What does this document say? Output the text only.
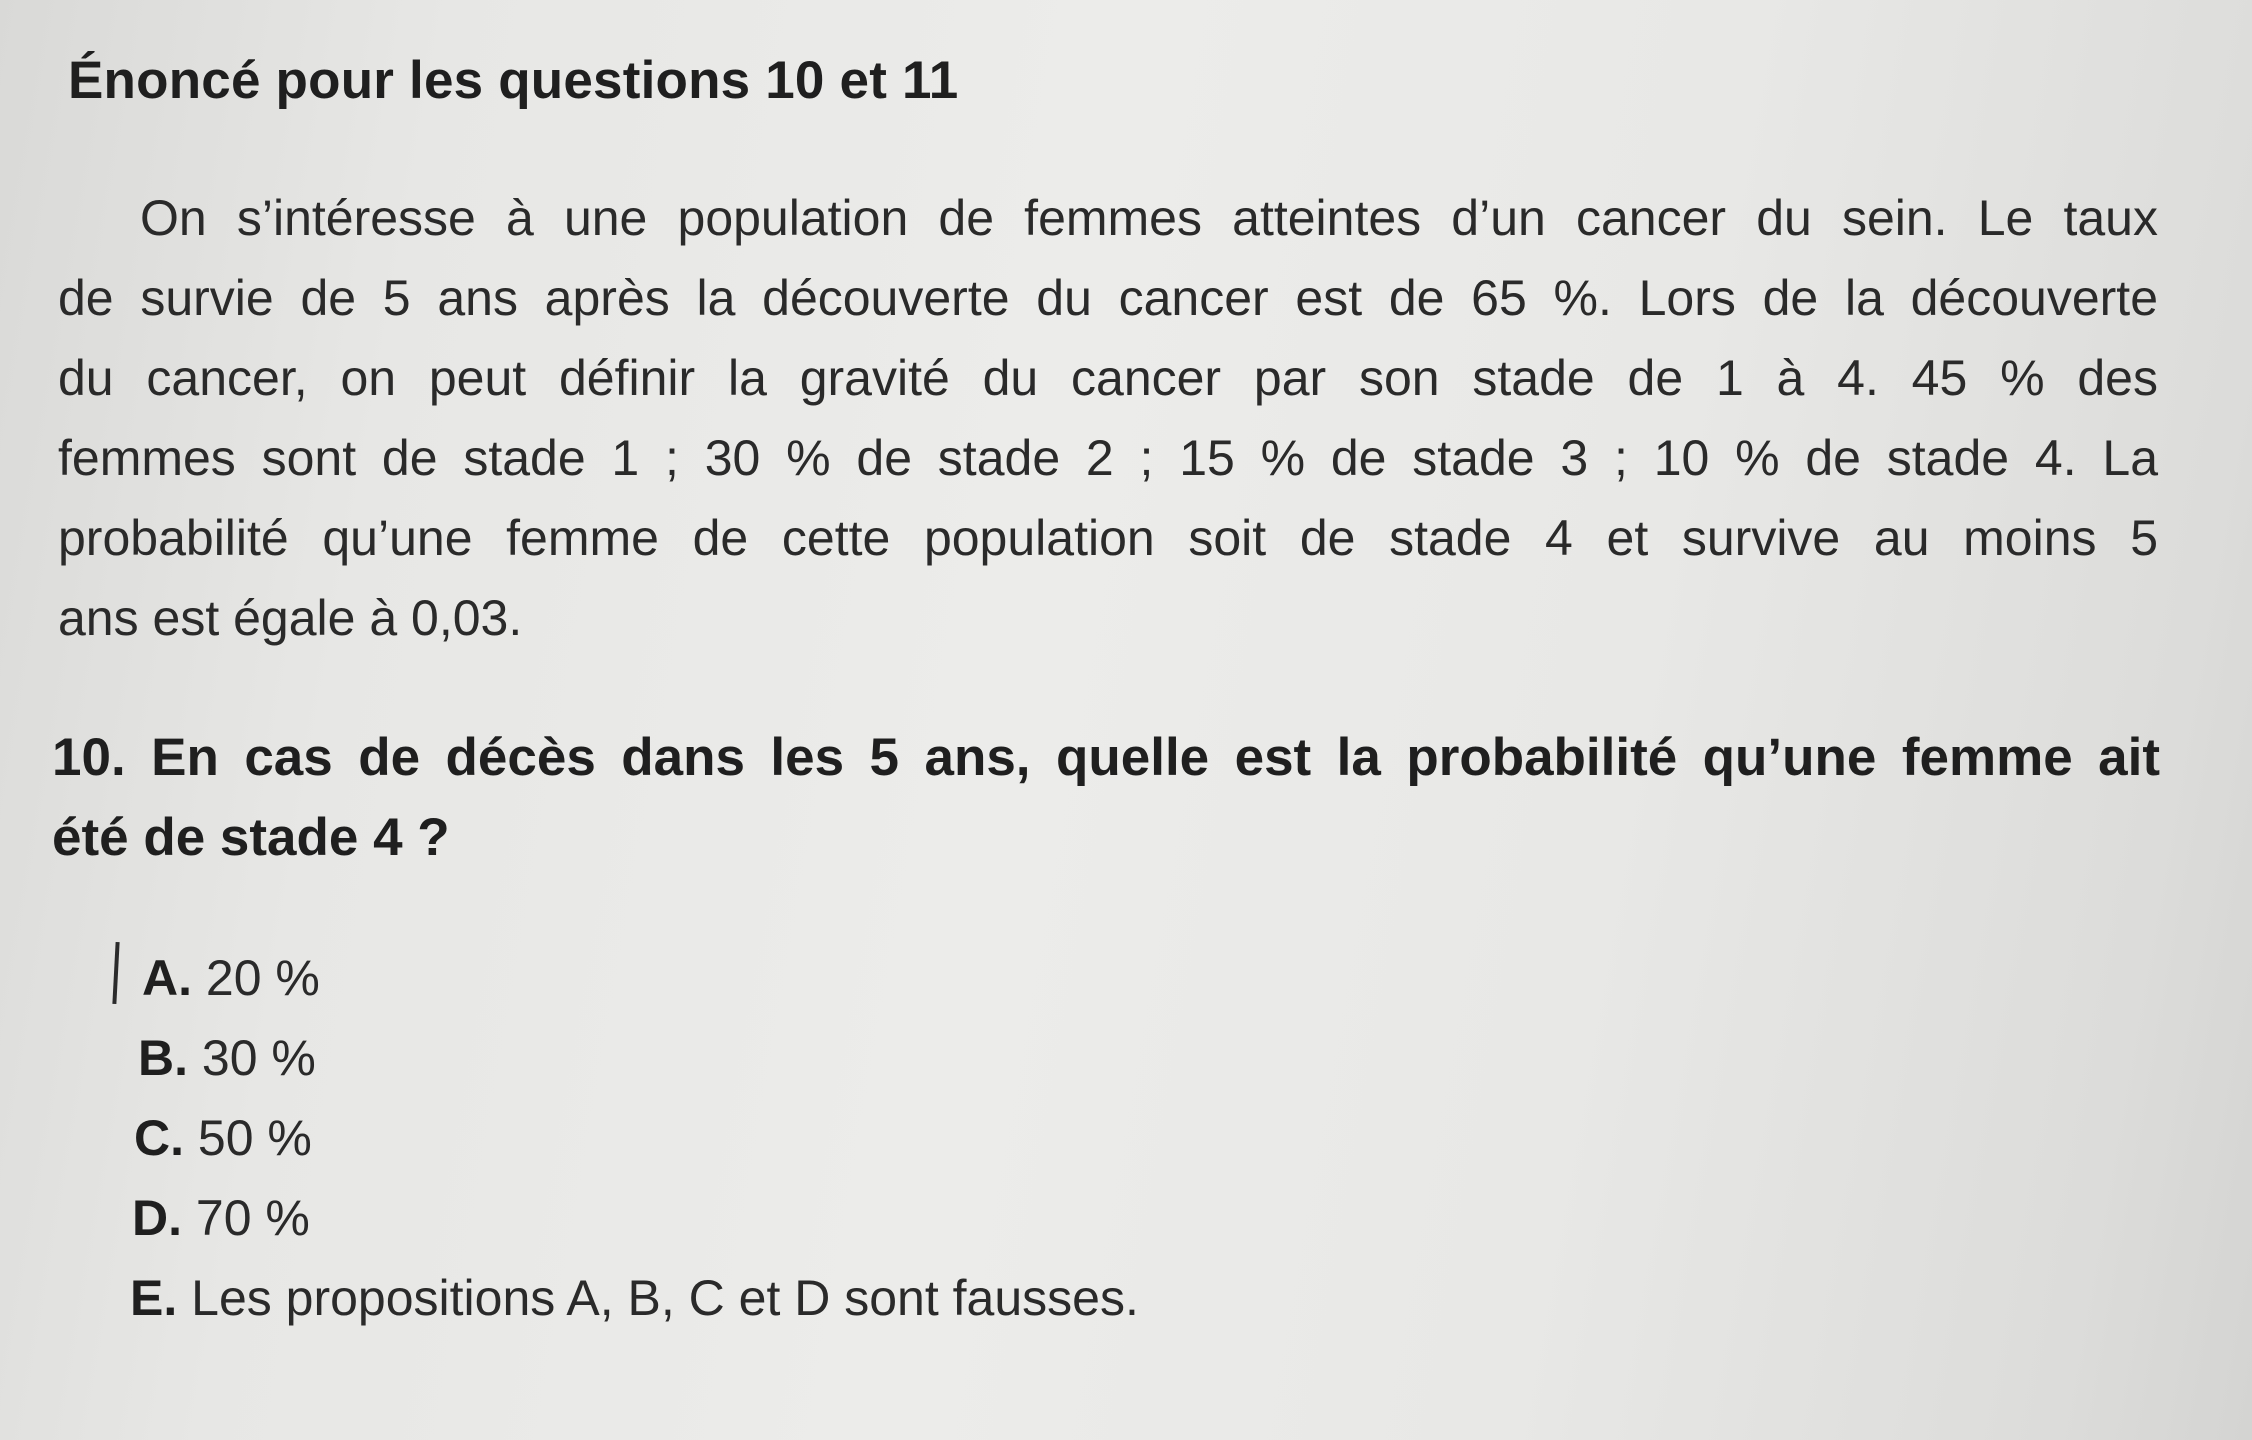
Énoncé pour les questions 10 et 11
On s’intéresse à une population de femmes atteintes d’un cancer du sein. Le taux
de survie de 5 ans après la découverte du cancer est de 65 %. Lors de la découverte
du cancer, on peut définir la gravité du cancer par son stade de 1 à 4. 45 % des
femmes sont de stade 1 ; 30 % de stade 2 ; 15 % de stade 3 ; 10 % de stade 4. La
probabilité qu’une femme de cette population soit de stade 4 et survive au moins 5
ans est égale à 0,03.
10. En cas de décès dans les 5 ans, quelle est la probabilité qu’une femme ait
été de stade 4 ?
A. 20 %
B. 30 %
C. 50 %
D. 70 %
E. Les propositions A, B, C et D sont fausses.
